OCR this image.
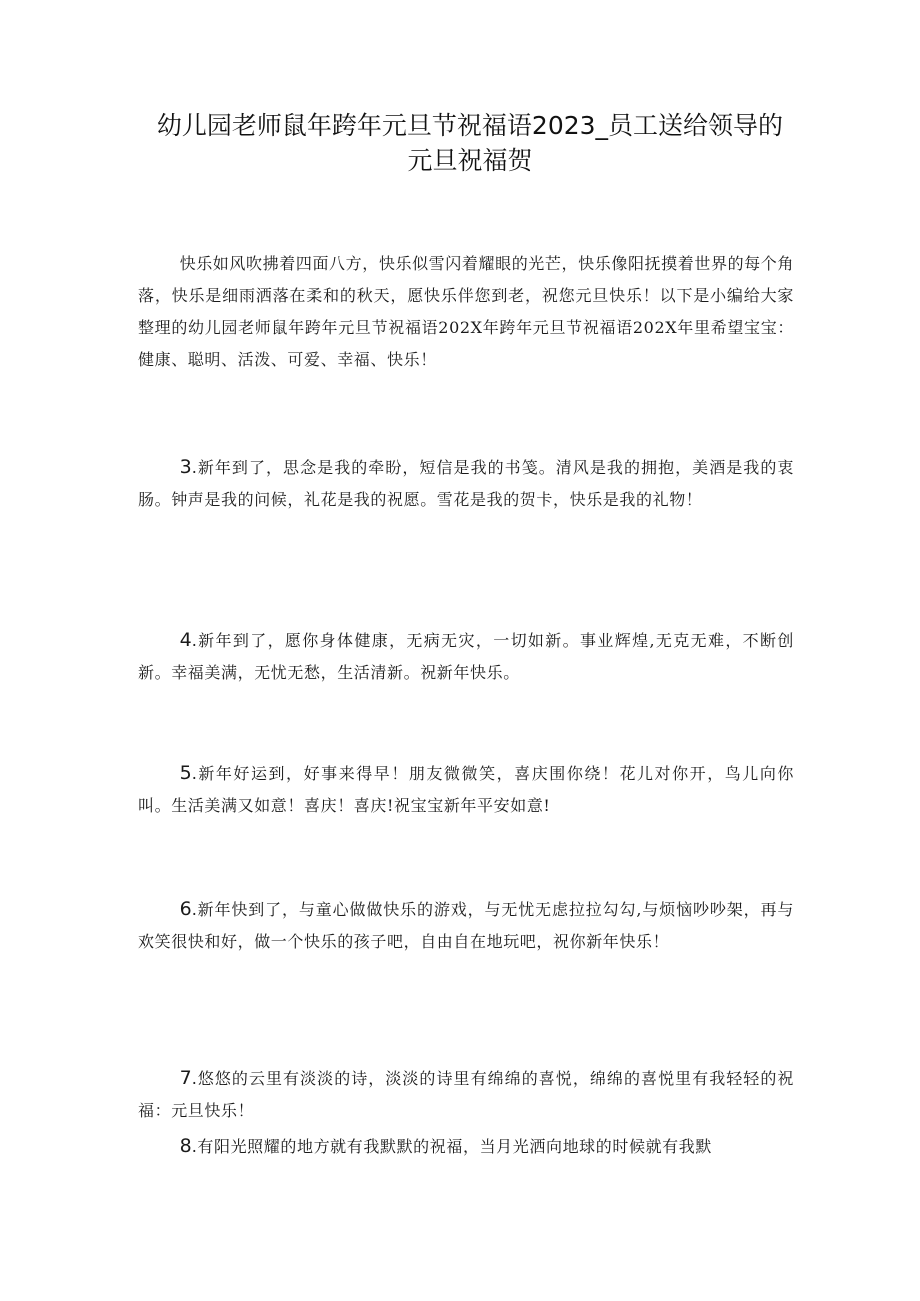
幼儿园老师鼠年跨年元旦节祝福语2023_员工送给领导的元旦祝福贺

快乐如风吹拂着四面八方，快乐似雪闪着耀眼的光芒，快乐像阳抚摸着世界的每个角落，快乐是细雨洒落在柔和的秋天，愿快乐伴您到老，祝您元旦快乐！以下是小编给大家整理的幼儿园老师鼠年跨年元旦节祝福语202X年跨年元旦节祝福语202X年里希望宝宝：健康、聪明、活泼、可爱、幸福、快乐！

3.新年到了，思念是我的牵盼，短信是我的书笺。清风是我的拥抱，美酒是我的衷肠。钟声是我的问候，礼花是我的祝愿。雪花是我的贺卡，快乐是我的礼物！

4.新年到了，愿你身体健康，无病无灾，一切如新。事业辉煌,无克无难，不断创新。幸福美满，无忧无愁，生活清新。祝新年快乐。

5.新年好运到，好事来得早！朋友微微笑，喜庆围你绕！花儿对你开，鸟儿向你叫。生活美满又如意！喜庆！喜庆!祝宝宝新年平安如意!

6.新年快到了，与童心做做快乐的游戏，与无忧无虑拉拉勾勾,与烦恼吵吵架，再与欢笑很快和好，做一个快乐的孩子吧，自由自在地玩吧，祝你新年快乐！

7.悠悠的云里有淡淡的诗，淡淡的诗里有绵绵的喜悦，绵绵的喜悦里有我轻轻的祝福：元旦快乐！

8.有阳光照耀的地方就有我默默的祝福，当月光洒向地球的时候就有我默
